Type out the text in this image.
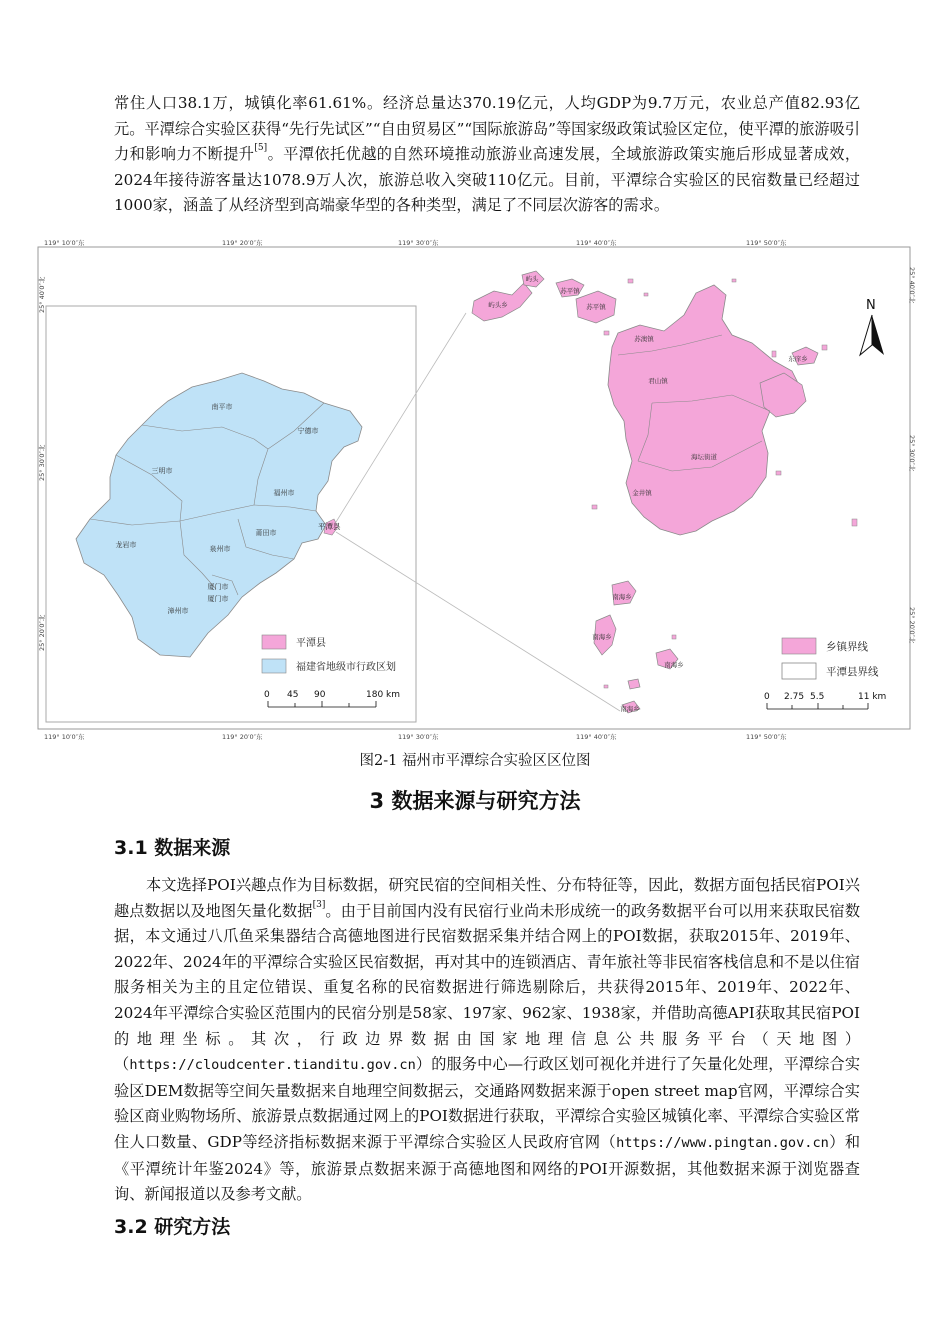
常住人口38.1万，城镇化率61.61%。经济总量达370.19亿元，人均GDP为9.7万元，农业总产值82.93亿元。平潭综合实验区获得“先行先试区”“自由贸易区”“国际旅游岛”等国家级政策试验区定位，使平潭的旅游吸引力和影响力不断提升[5]。平潭依托优越的自然环境推动旅游业高速发展，全域旅游政策实施后形成显著成效，2024年接待游客量达1078.9万人次，旅游总收入突破110亿元。目前，平潭综合实验区的民宿数量已经超过1000家，涵盖了从经济型到高端豪华型的各种类型，满足了不同层次游客的需求。

119° 10′0″东	119° 20′0″东	119° 30′0″东	119° 40′0″东	119° 50′0″东
119° 10′0″东	119° 20′0″东	119° 30′0″东	119° 40′0″东	119° 50′0″东
25° 40′0″北
25° 30′0″北
25° 20′0″北
25° 40′0″北
25° 30′0″北
25° 20′0″北
南平市
宁德市
三明市
福州市
龙岩市	泉州市
莆田市
厦门市
厦门市
漳州市
平潭县
屿头乡
苏平镇
苏平镇
苏澳镇
君山镇
东庠乡
海坛街道
金井镇
南海乡
南海乡
南海乡
南海乡
屿头
N
平潭县
福建省地级市行政区划
0 45 90	180 km
乡镇界线
平潭县界线
0 2.75 5.5	11 km
图2-1 福州市平潭综合实验区区位图
3 数据来源与研究方法
3.1 数据来源

本文选择POI兴趣点作为目标数据，研究民宿的空间相关性、分布特征等，因此，数据方面包括民宿POI兴趣点数据以及地图矢量化数据[3]。由于目前国内没有民宿行业尚未形成统一的政务数据平台可以用来获取民宿数据，本文通过八爪鱼采集器结合高德地图进行民宿数据采集并结合网上的POI数据，获取2015年、2019年、2022年、2024年的平潭综合实验区民宿数据，再对其中的连锁酒店、青年旅社等非民宿客栈信息和不是以住宿服务相关为主的且定位错误、重复名称的民宿数据进行筛选剔除后，共获得2015年、2019年、2022年、2024年平潭综合实验区范围内的民宿分别是58家、197家、962家、1938家，并借助高德API获取其民宿POI的地理坐标。其次，行政边界数据由国家地理信息公共服务平台（天地图）（https://cloudcenter.tianditu.gov.cn）的服务中心—行政区划可视化并进行了矢量化处理，平潭综合实验区DEM数据等空间矢量数据来自地理空间数据云，交通路网数据来源于open street map官网，平潭综合实验区商业购物场所、旅游景点数据通过网上的POI数据进行获取，平潭综合实验区城镇化率、平潭综合实验区常住人口数量、GDP等经济指标数据来源于平潭综合实验区人民政府官网（https://www.pingtan.gov.cn）和《平潭统计年鉴2024》等，旅游景点数据来源于高德地图和网络的POI开源数据，其他数据来源于浏览器查询、新闻报道以及参考文献。

3.2 研究方法
